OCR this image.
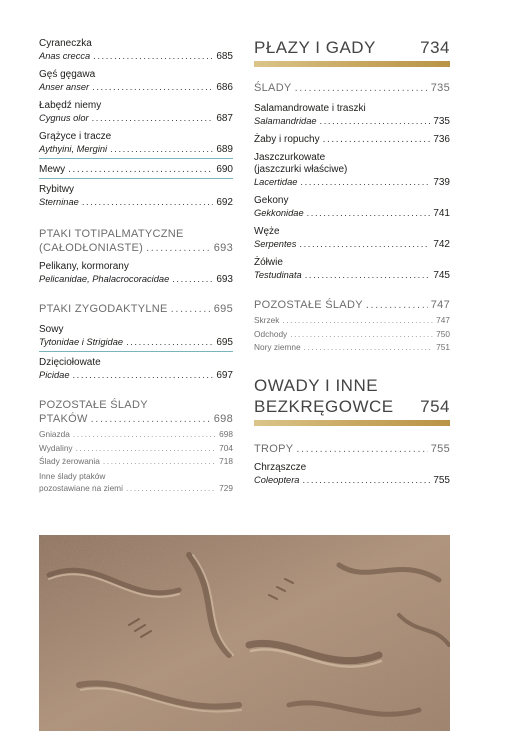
Cyraneczka
Anas crecca .....	685
Gęś gęgawa
Anser anser .....	686
Łabędź niemy
Cygnus olor .....	687
Grążyce i tracze
Aythyini, Mergini .....	689
Mewy .....	690
Rybitwy
Sterninae .....	692
PTAKI TOTIPALMATYCZNE
(CAŁODŁONIASTE) .....	693
Pelikany, kormorany
Pelicanidae, Phalacrocoracidae .....	693
PTAKI ZYGODAKTYLNE .....	695
Sowy
Tytonidae i Strigidae .....	695
Dzięciołowate
Picidae .....	697
POZOSTAŁE ŚLADY
PTAKÓW .....	698
Gniazda .....	698
Wydaliny .....	704
Ślady żerowania .....	718
Inne ślady ptaków
pozostawiane na ziemi .....	729
PŁAZY I GADY	734
ŚLADY .....	735
Salamandrowate i traszki
Salamandridae .....	735
Żaby i ropuchy .....	736
Jaszczurkowate
(jaszczurki właściwe)
Lacertidae .....	739
Gekony
Gekkonidae .....	741
Węże
Serpentes .....	742
Żółwie
Testudinata .....	745
POZOSTAŁE ŚLADY .....	747
Skrzek .....	747
Odchody .....	750
Nory ziemne .....	751
OWADY I INNE
BEZKRĘGOWCE 754
TROPY .....	755
Chrząszcze
Coleoptera .....	755
